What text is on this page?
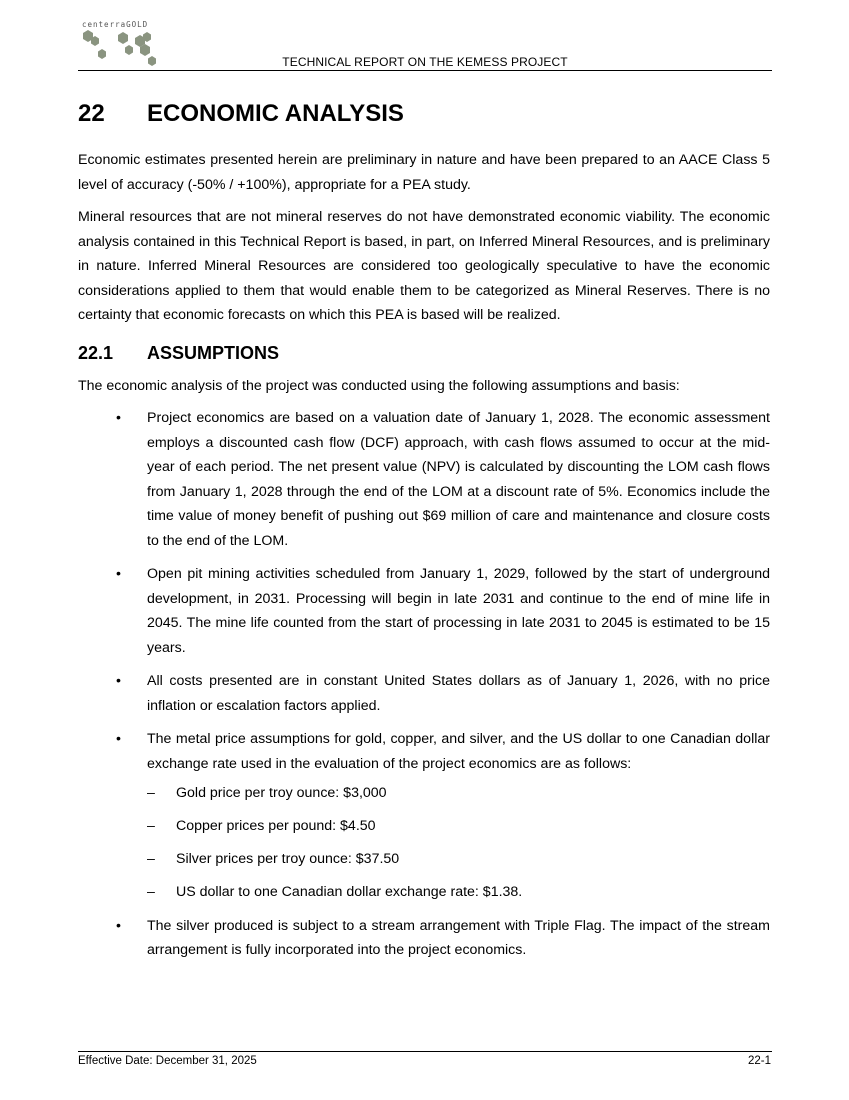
centerraGOLD
TECHNICAL REPORT ON THE KEMESS PROJECT
22	ECONOMIC ANALYSIS

Economic estimates presented herein are preliminary in nature and have been prepared to an AACE Class 5 level of accuracy (-50% / +100%), appropriate for a PEA study.

Mineral resources that are not mineral reserves do not have demonstrated economic viability. The economic analysis contained in this Technical Report is based, in part, on Inferred Mineral Resources, and is preliminary in nature. Inferred Mineral Resources are considered too geologically speculative to have the economic considerations applied to them that would enable them to be categorized as Mineral Reserves. There is no certainty that economic forecasts on which this PEA is based will be realized.

22.1	ASSUMPTIONS

The economic analysis of the project was conducted using the following assumptions and basis:

• Project economics are based on a valuation date of January 1, 2028. The economic assessment employs a discounted cash flow (DCF) approach, with cash flows assumed to occur at the mid-year of each period. The net present value (NPV) is calculated by discounting the LOM cash flows from January 1, 2028 through the end of the LOM at a discount rate of 5%. Economics include the time value of money benefit of pushing out $69 million of care and maintenance and closure costs to the end of the LOM.
• Open pit mining activities scheduled from January 1, 2029, followed by the start of underground development, in 2031. Processing will begin in late 2031 and continue to the end of mine life in 2045. The mine life counted from the start of processing in late 2031 to 2045 is estimated to be 15 years.
• All costs presented are in constant United States dollars as of January 1, 2026, with no price inflation or escalation factors applied.
• The metal price assumptions for gold, copper, and silver, and the US dollar to one Canadian dollar exchange rate used in the evaluation of the project economics are as follows:
– Gold price per troy ounce: $3,000
– Copper prices per pound: $4.50
– Silver prices per troy ounce: $37.50
– US dollar to one Canadian dollar exchange rate: $1.38.
• The silver produced is subject to a stream arrangement with Triple Flag. The impact of the stream arrangement is fully incorporated into the project economics.
Effective Date: December 31, 2025	22-1
